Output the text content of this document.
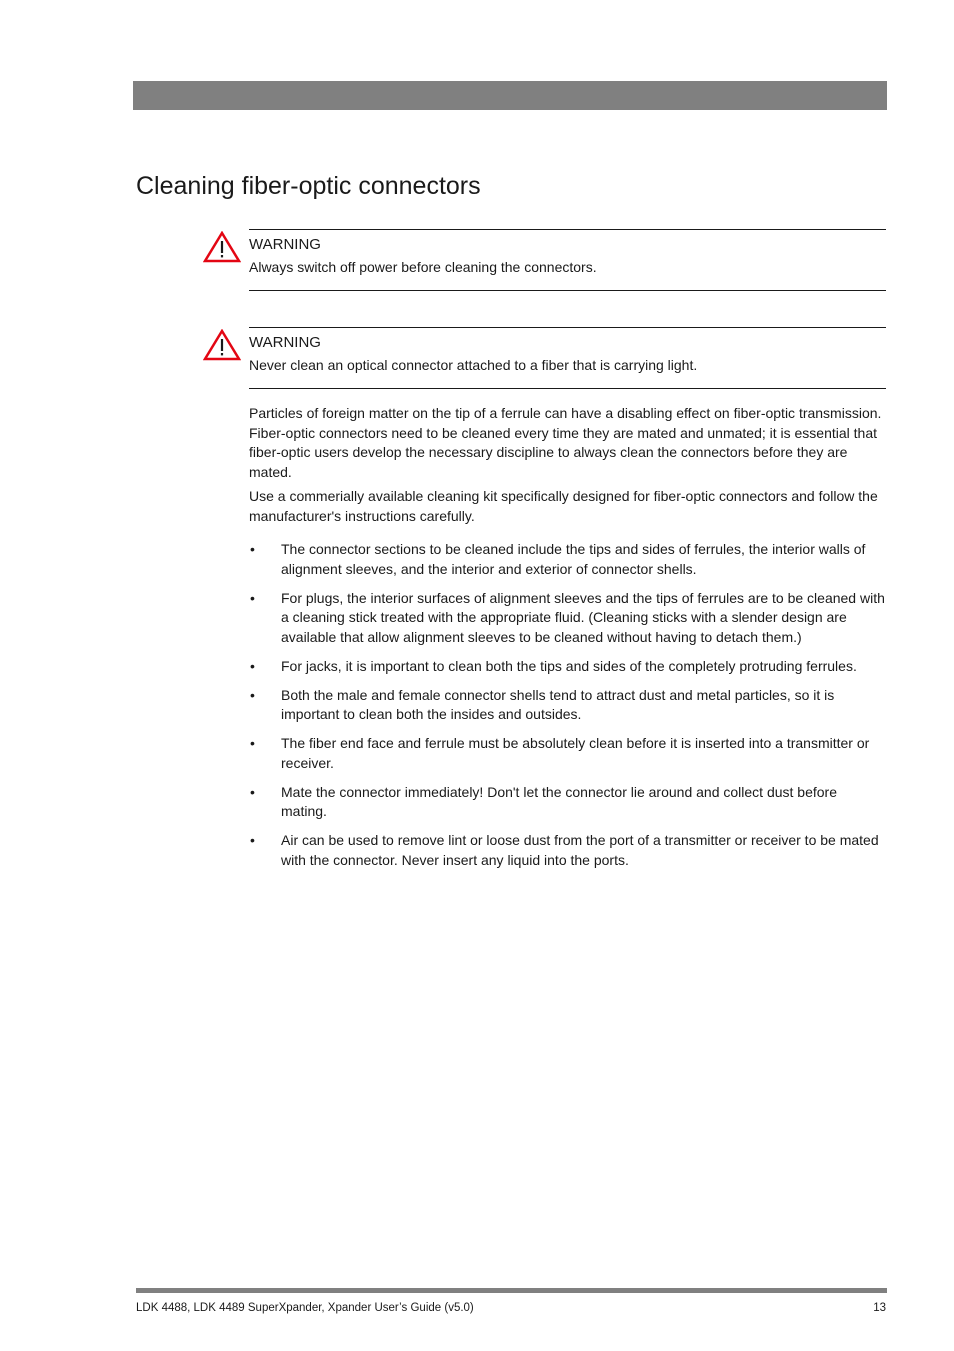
Cleaning fiber-optic connectors
WARNING
Always switch off power before cleaning the connectors.
WARNING
Never clean an optical connector attached to a fiber that is carrying light.

Particles of foreign matter on the tip of a ferrule can have a disabling effect on fiber-optic transmission. Fiber-optic connectors need to be cleaned every time they are mated and unmated; it is essential that fiber-optic users develop the necessary discipline to always clean the connectors before they are mated.

Use a commerially available cleaning kit specifically designed for fiber-optic connectors and follow the manufacturer's instructions carefully.

• The connector sections to be cleaned include the tips and sides of ferrules, the interior walls of alignment sleeves, and the interior and exterior of connector shells.
• For plugs, the interior surfaces of alignment sleeves and the tips of ferrules are to be cleaned with a cleaning stick treated with the appropriate fluid. (Cleaning sticks with a slender design are available that allow alignment sleeves to be cleaned without having to detach them.)
• For jacks, it is important to clean both the tips and sides of the completely protruding ferrules.
• Both the male and female connector shells tend to attract dust and metal particles, so it is important to clean both the insides and outsides.
• The fiber end face and ferrule must be absolutely clean before it is inserted into a transmitter or receiver.
• Mate the connector immediately! Don't let the connector lie around and collect dust before mating.
• Air can be used to remove lint or loose dust from the port of a transmitter or receiver to be mated with the connector. Never insert any liquid into the ports.
LDK 4488, LDK 4489 SuperXpander, Xpander User’s Guide (v5.0)	13
